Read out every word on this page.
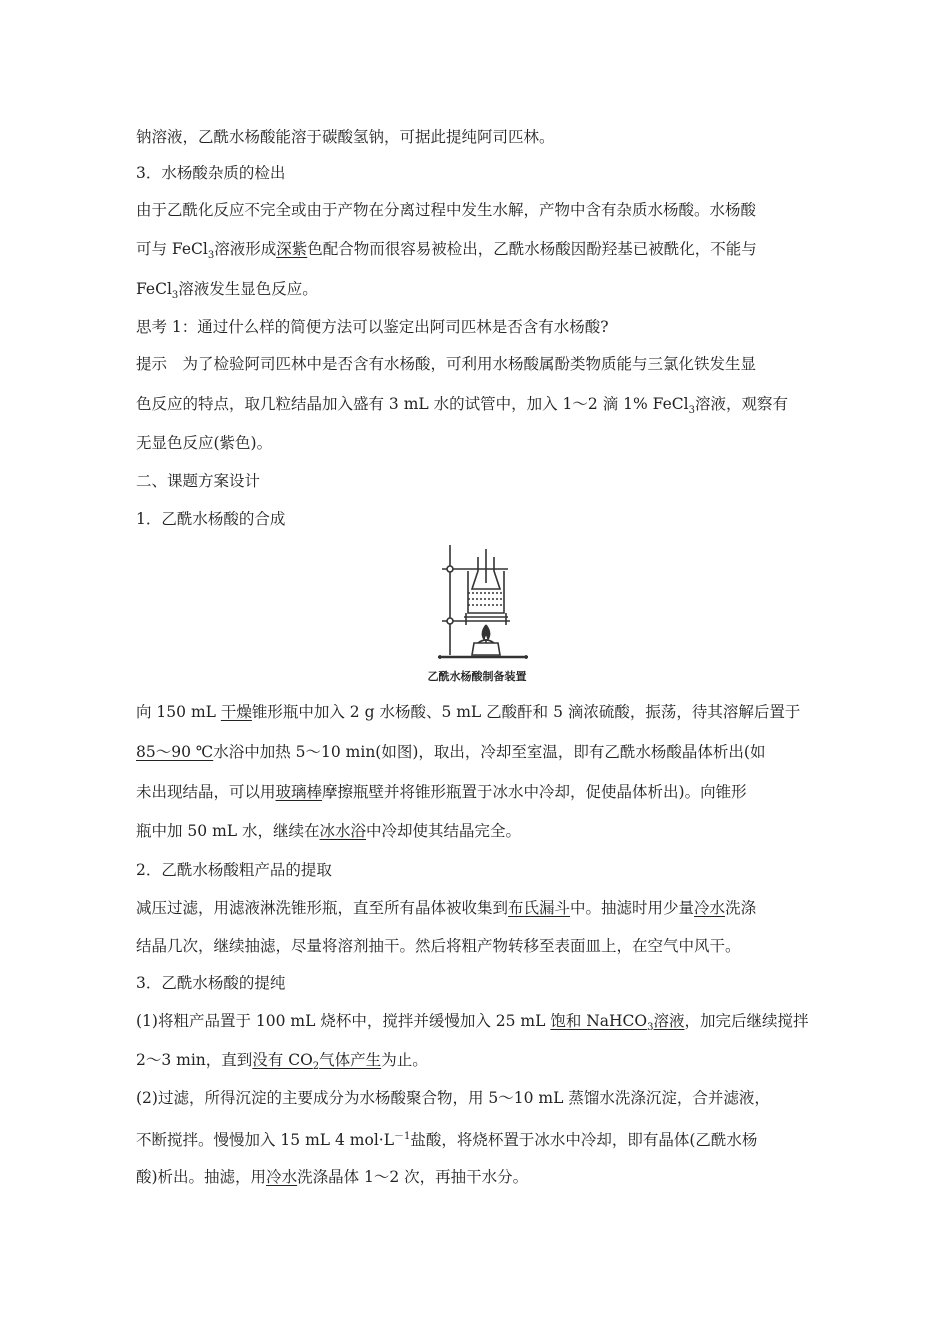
钠溶液，乙酰水杨酸能溶于碳酸氢钠，可据此提纯阿司匹林。
3．水杨酸杂质的检出
由于乙酰化反应不完全或由于产物在分离过程中发生水解，产物中含有杂质水杨酸。水杨酸
可与 FeCl$_3$溶液形成深紫色配合物而很容易被检出，乙酰水杨酸因酚羟基已被酰化，不能与
FeCl$_3$溶液发生显色反应。
思考 1：通过什么样的简便方法可以鉴定出阿司匹林是否含有水杨酸?
提示　为了检验阿司匹林中是否含有水杨酸，可利用水杨酸属酚类物质能与三氯化铁发生显
色反应的特点，取几粒结晶加入盛有 3 mL 水的试管中，加入 1～2 滴 1% FeCl$_3$溶液，观察有
无显色反应(紫色)。
二、课题方案设计
1．乙酰水杨酸的合成
乙酰水杨酸制备装置
向 150 mL 干燥锥形瓶中加入 2 g 水杨酸、5 mL 乙酸酐和 5 滴浓硫酸，振荡，待其溶解后置于
85～90 ℃水浴中加热 5～10 min(如图)，取出，冷却至室温，即有乙酰水杨酸晶体析出(如
未出现结晶，可以用玻璃棒摩擦瓶壁并将锥形瓶置于冰水中冷却，促使晶体析出)。向锥形
瓶中加 50 mL 水，继续在冰水浴中冷却使其结晶完全。
2．乙酰水杨酸粗产品的提取
减压过滤，用滤液淋洗锥形瓶，直至所有晶体被收集到布氏漏斗中。抽滤时用少量冷水洗涤
结晶几次，继续抽滤，尽量将溶剂抽干。然后将粗产物转移至表面皿上，在空气中风干。
3．乙酰水杨酸的提纯
(1)将粗产品置于 100 mL 烧杯中，搅拌并缓慢加入 25 mL 饱和 NaHCO$_3$溶液，加完后继续搅拌
2～3 min，直到没有 $CO_2$气体产生为止。
(2)过滤，所得沉淀的主要成分为水杨酸聚合物，用 5～10 mL 蒸馏水洗涤沉淀，合并滤液，
不断搅拌。慢慢加入 15 mL 4 $mol\cdot L^{-1}$盐酸，将烧杯置于冰水中冷却，即有晶体(乙酰水杨
酸)析出。抽滤，用冷水洗涤晶体 1～2 次，再抽干水分。
